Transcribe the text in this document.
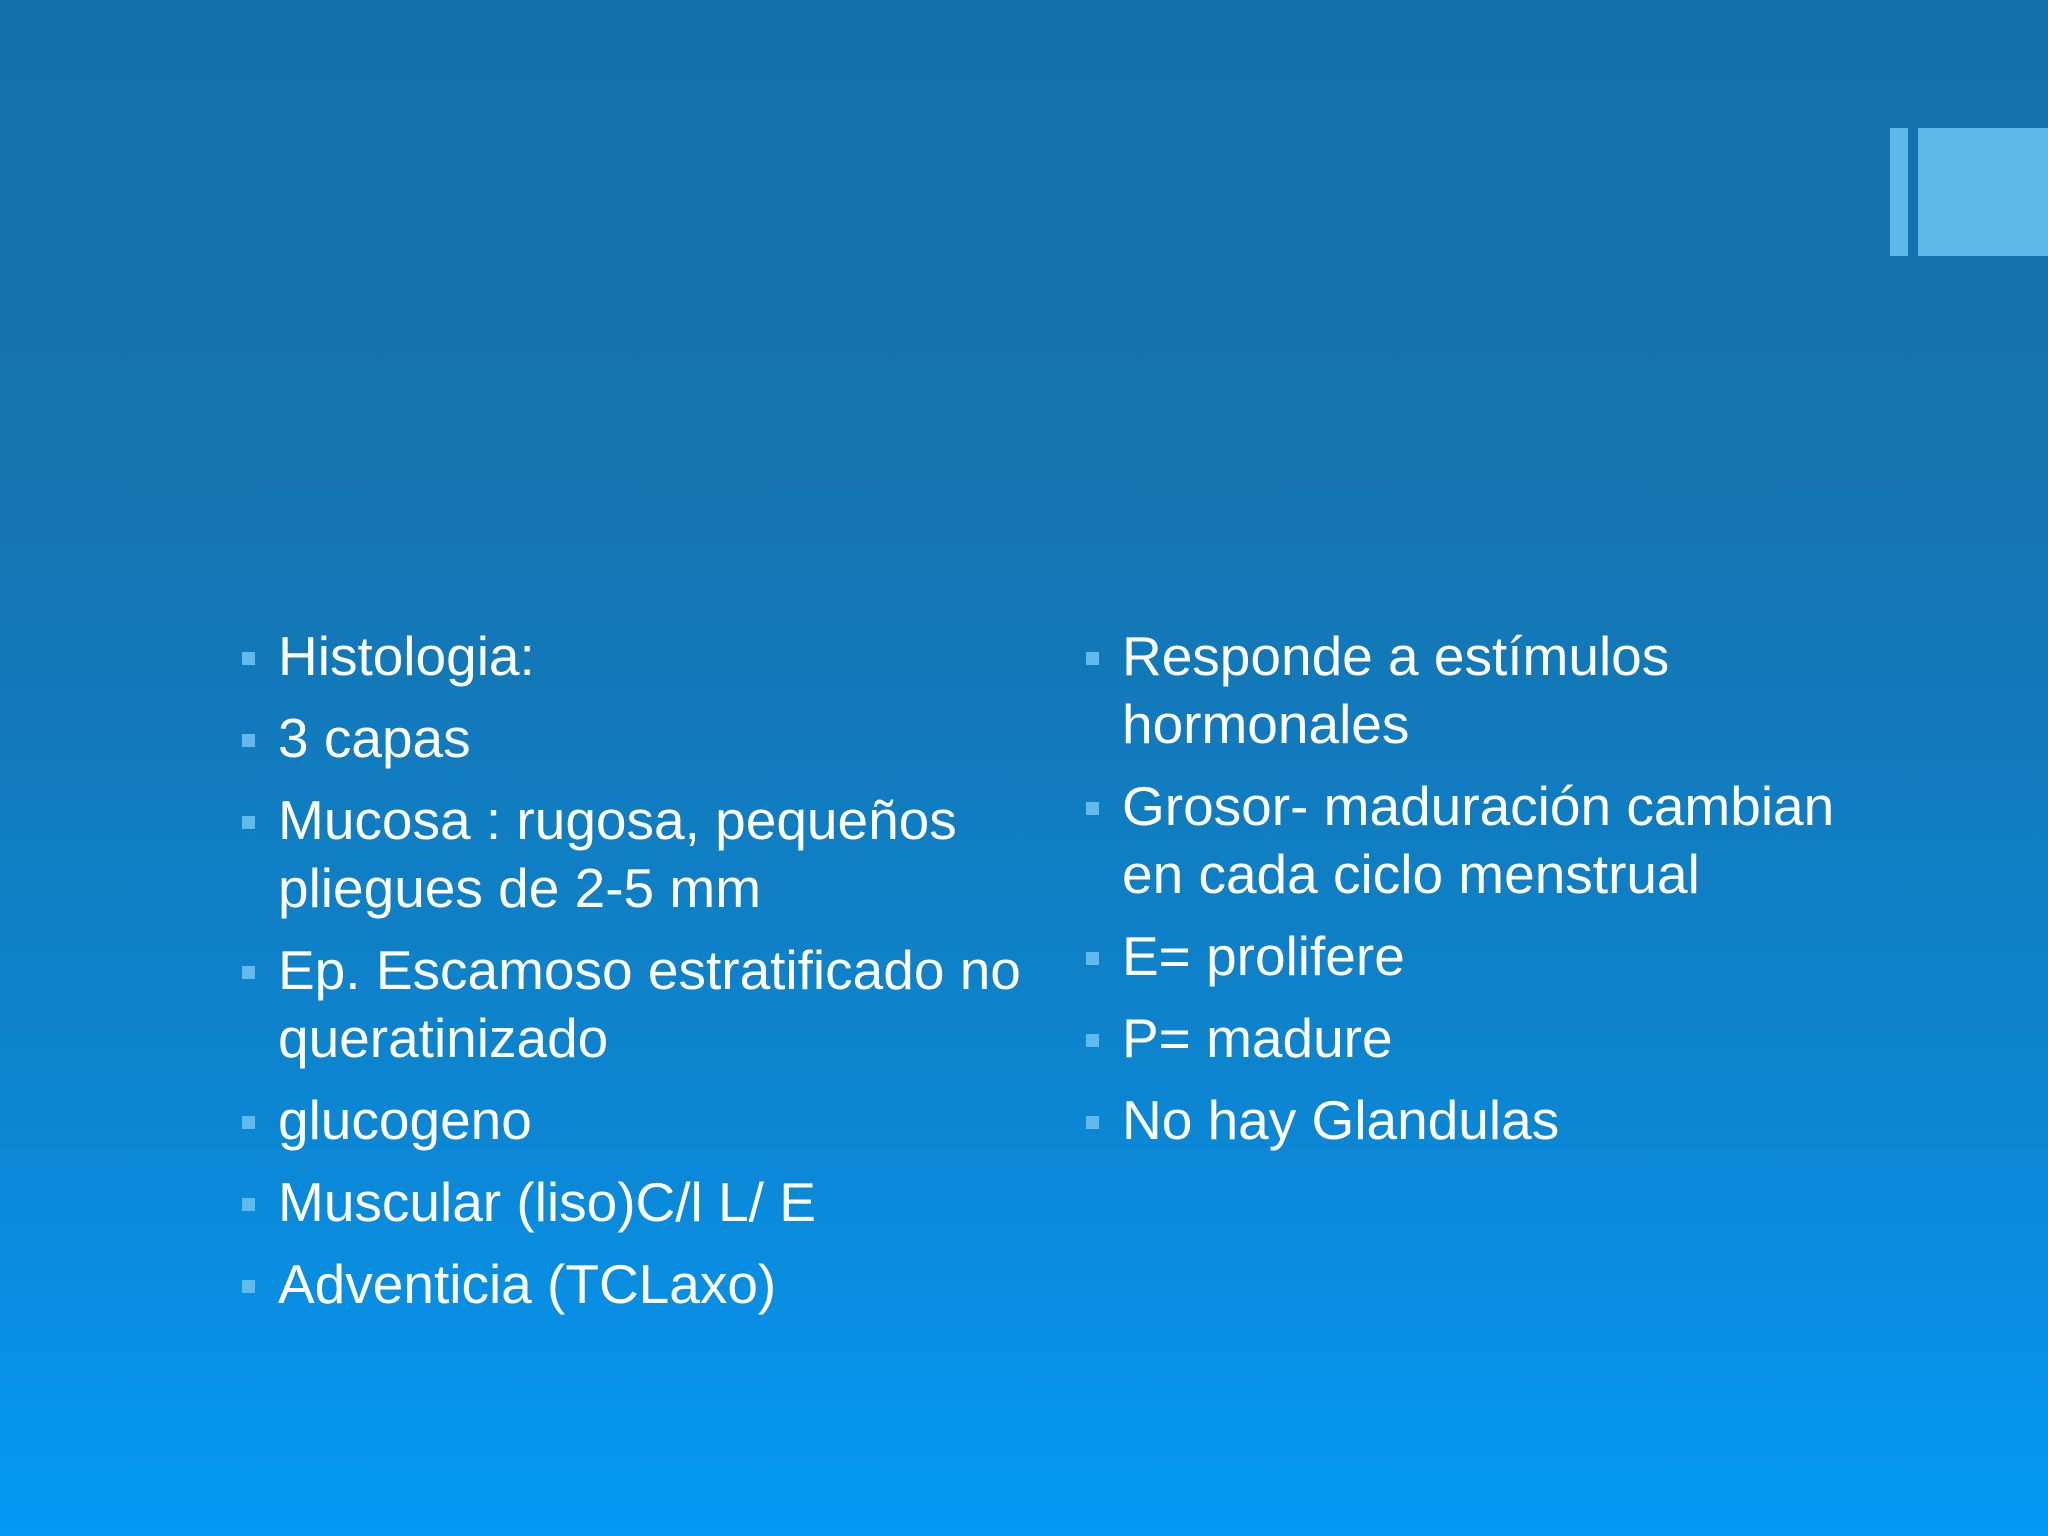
Histologia:
3 capas
Mucosa : rugosa, pequeños pliegues de 2-5 mm
Ep. Escamoso estratificado no queratinizado
glucogeno
Muscular (liso)C/l L/ E
Adventicia (TCLaxo)
Responde a estímulos hormonales
Grosor- maduración cambian en cada ciclo menstrual
E= prolifere
P= madure
No hay Glandulas
